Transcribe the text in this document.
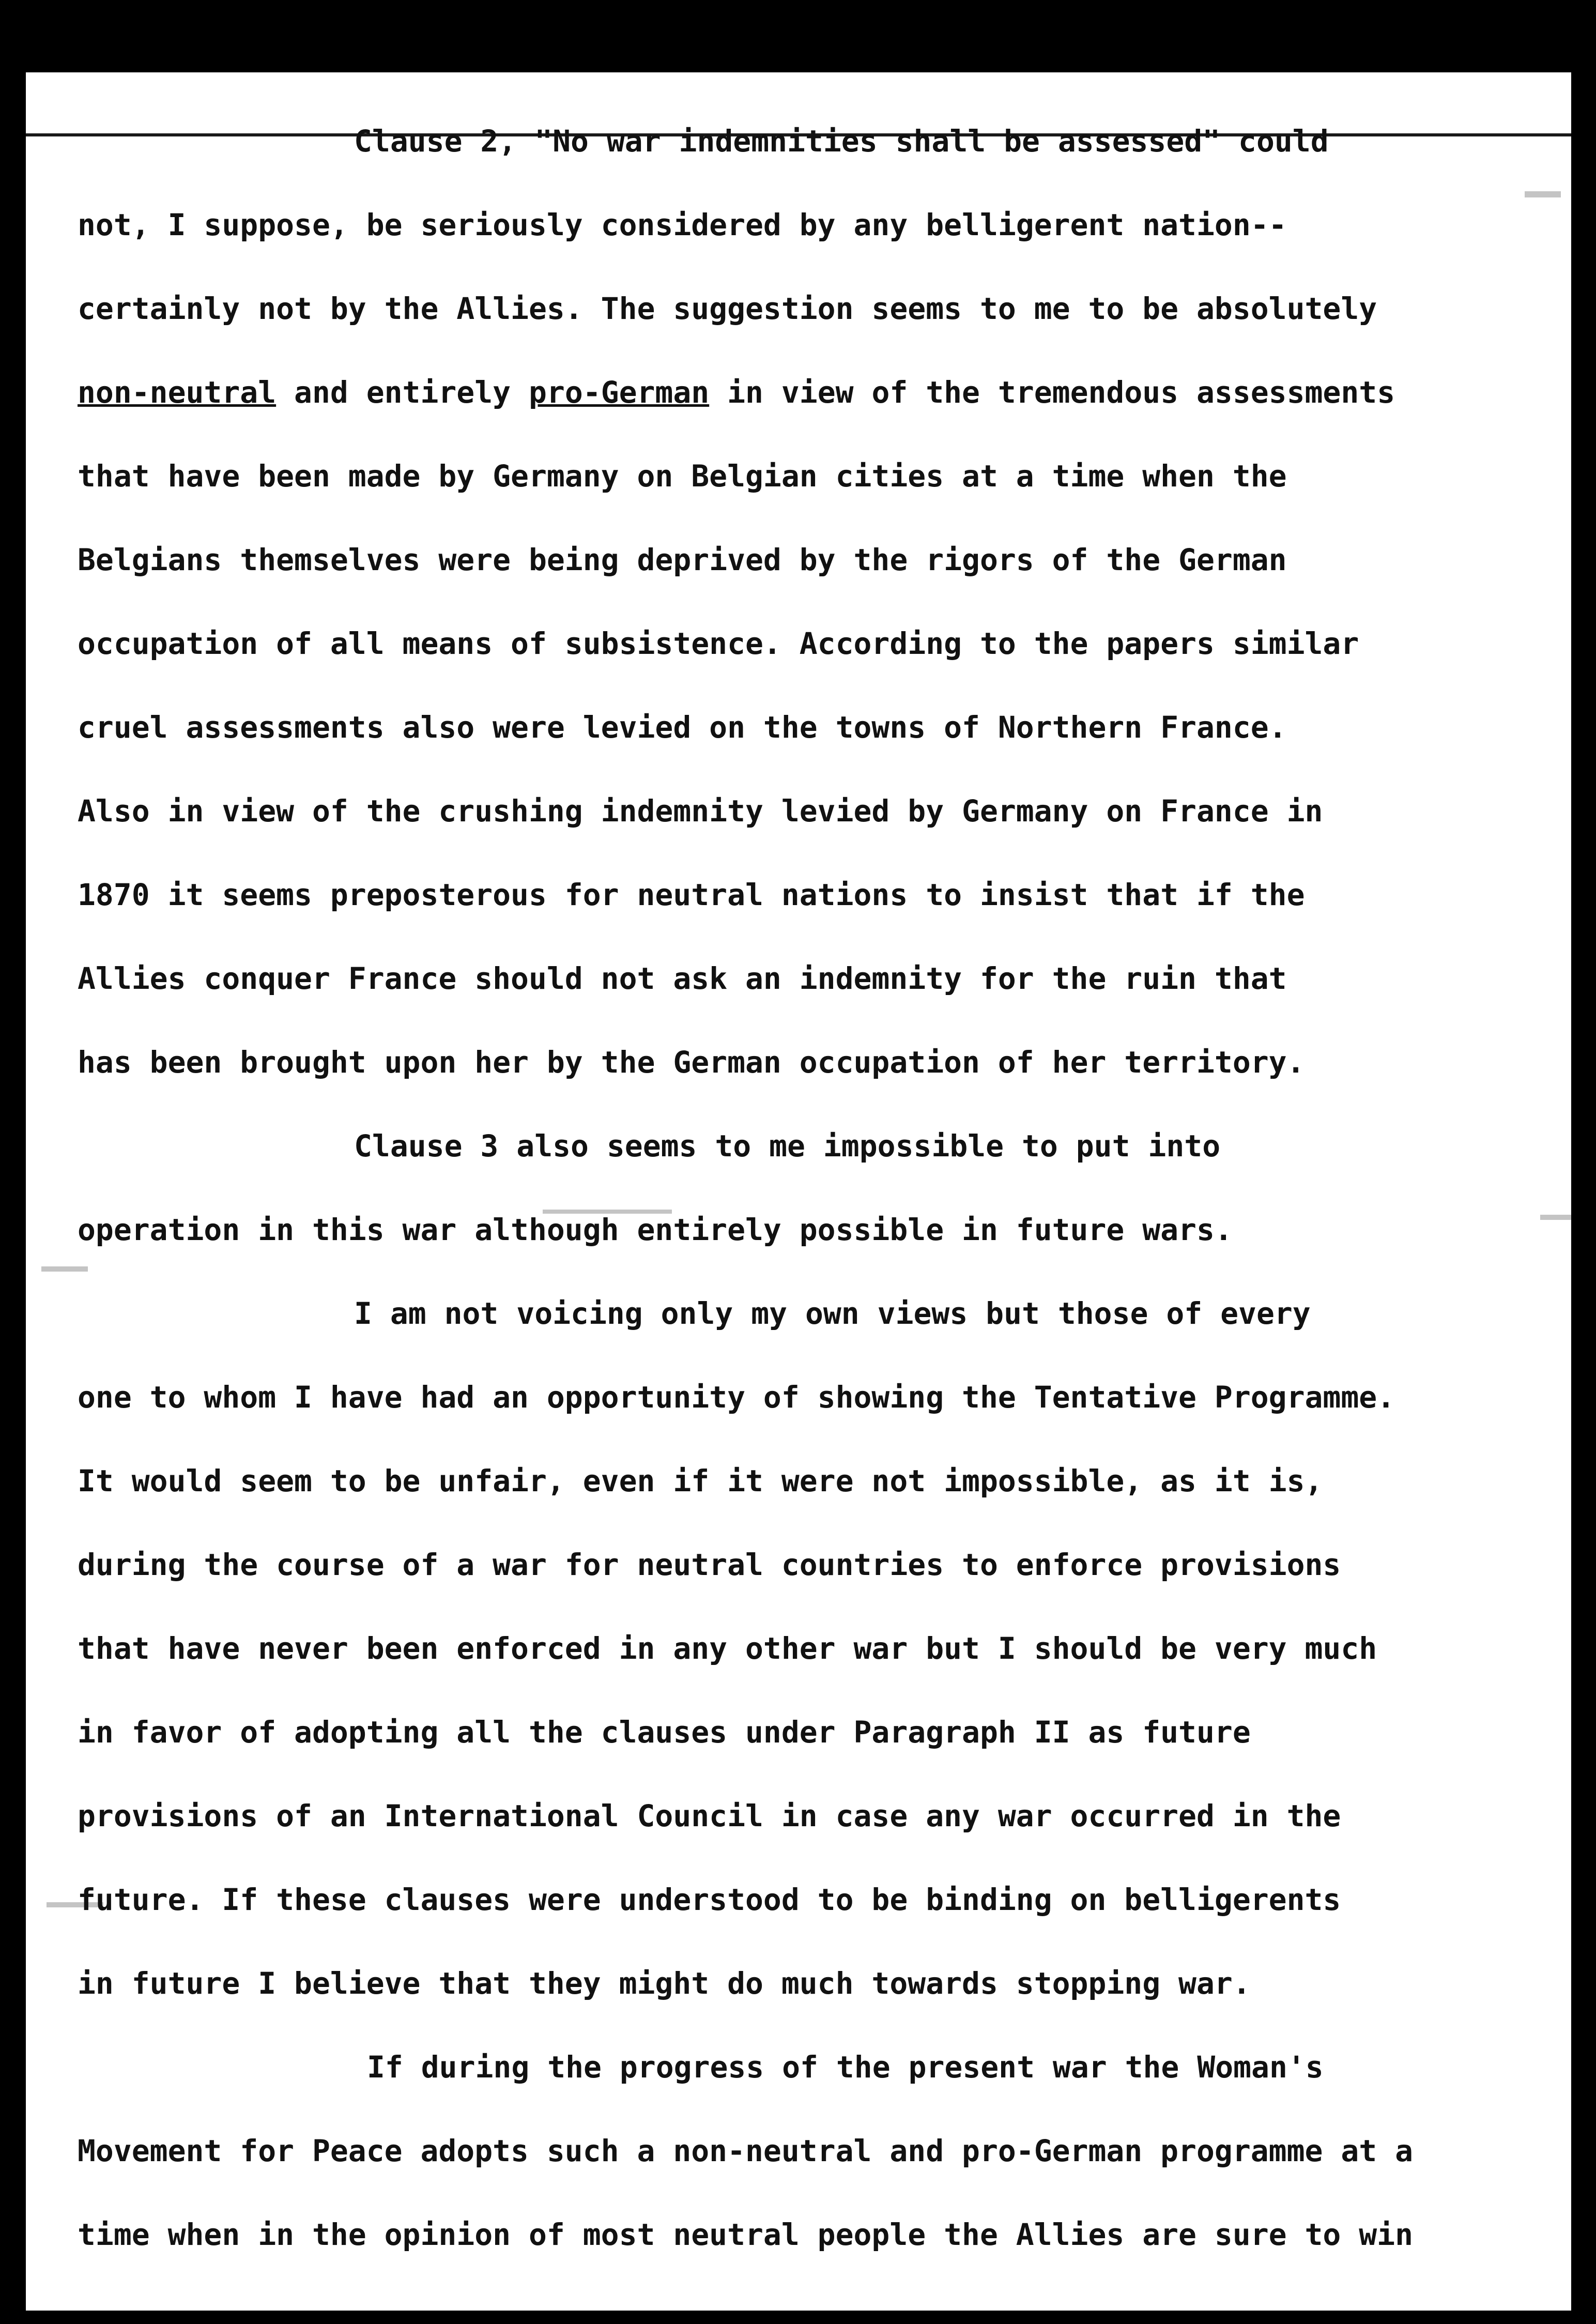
Clause 2, "No war indemnities shall be assessed" could
not, I suppose, be seriously considered by any belligerent nation--
certainly not by the Allies. The suggestion seems to me to be absolutely
non-neutral and entirely pro-German in view of the tremendous assessments
that have been made by Germany on Belgian cities at a time when the
Belgians themselves were being deprived by the rigors of the German
occupation of all means of subsistence. According to the papers similar
cruel assessments also were levied on the towns of Northern France.
Also in view of the crushing indemnity levied by Germany on France in
1870 it seems preposterous for neutral nations to insist that if the
Allies conquer France should not ask an indemnity for the ruin that
has been brought upon her by the German occupation of her territory.
Clause 3 also seems to me impossible to put into
operation in this war although entirely possible in future wars.
I am not voicing only my own views but those of every
one to whom I have had an opportunity of showing the Tentative Programme.
It would seem to be unfair, even if it were not impossible, as it is,
during the course of a war for neutral countries to enforce provisions
that have never been enforced in any other war but I should be very much
in favor of adopting all the clauses under Paragraph II as future
provisions of an International Council in case any war occurred in the
future. If these clauses were understood to be binding on belligerents
in future I believe that they might do much towards stopping war.
If during the progress of the present war the Woman's
Movement for Peace adopts such a non-neutral and pro-German programme at a
time when in the opinion of most neutral people the Allies are sure to win
